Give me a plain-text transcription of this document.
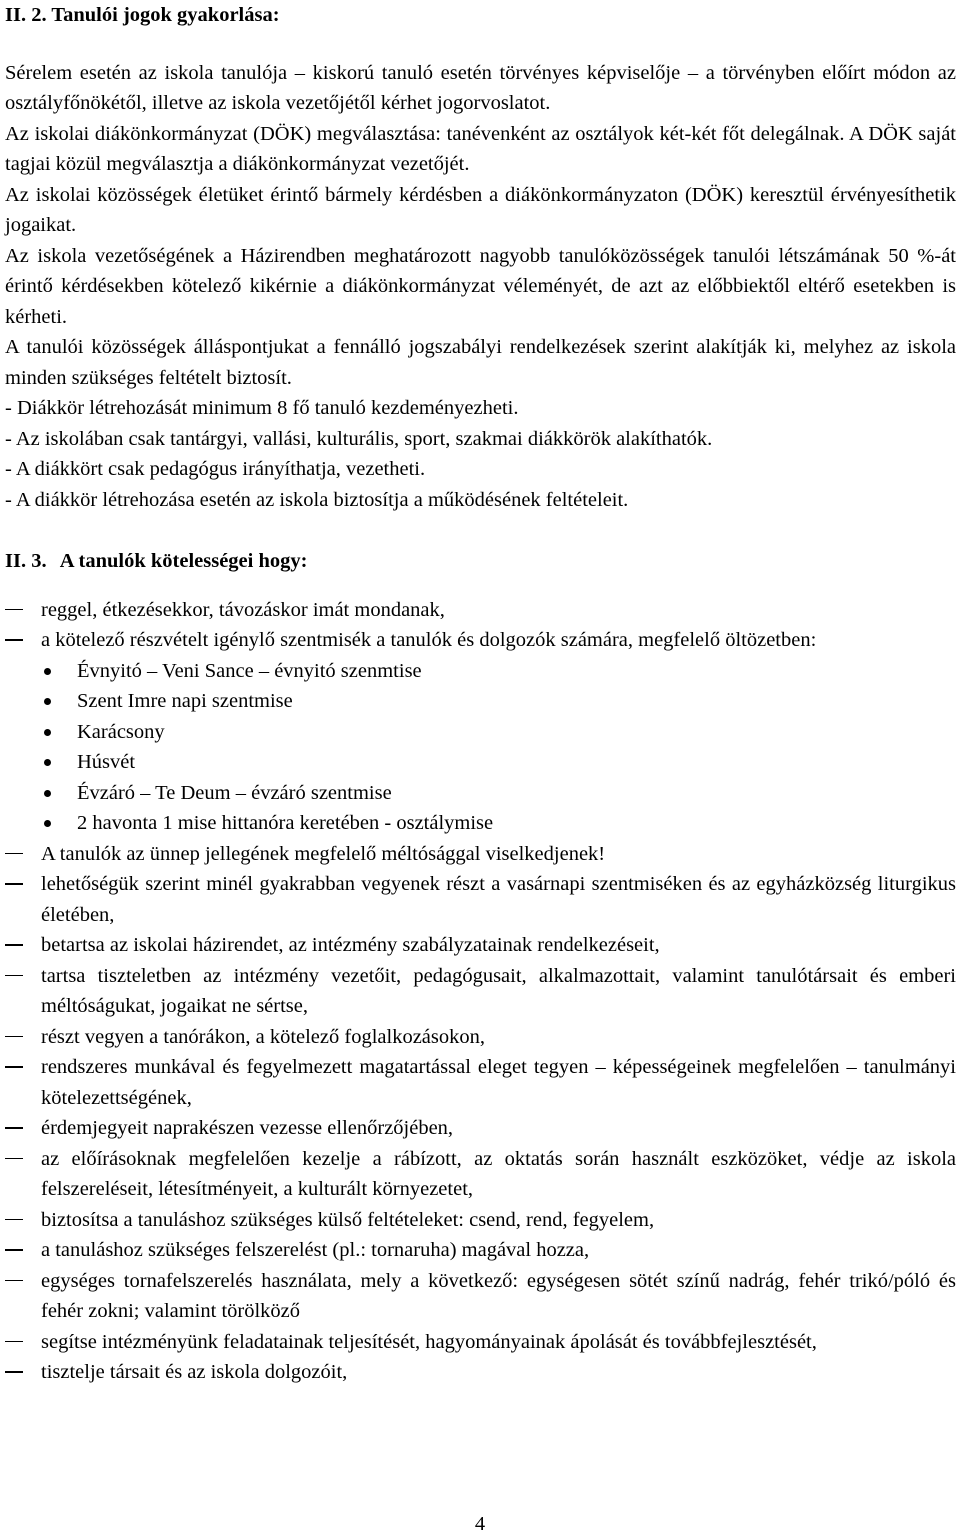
II. 2. Tanulói jogok gyakorlása:

Sérelem esetén az iskola tanulója – kiskorú tanuló esetén törvényes képviselője – a törvényben előírt módon az osztályfőnökétől, illetve az iskola vezetőjétől kérhet jogorvoslatot.

Az iskolai diákönkormányzat (DÖK) megválasztása: tanévenként az osztályok két-két főt delegálnak. A DÖK saját tagjai közül megválasztja a diákönkormányzat vezetőjét.

Az iskolai közösségek életüket érintő bármely kérdésben a diákönkormányzaton (DÖK) keresztül érvényesíthetik jogaikat.

Az iskola vezetőségének a Házirendben meghatározott nagyobb tanulóközösségek tanulói létszámának 50 %-át érintő kérdésekben kötelező kikérnie a diákönkormányzat véleményét, de azt az előbbiektől eltérő esetekben is kérheti.

A tanulói közösségek álláspontjukat a fennálló jogszabályi rendelkezések szerint alakítják ki, melyhez az iskola minden szükséges feltételt biztosít.

- Diákkör létrehozását minimum 8 fő tanuló kezdeményezheti.

- Az iskolában csak tantárgyi, vallási, kulturális, sport, szakmai diákkörök alakíthatók.

- A diákkört csak pedagógus irányíthatja, vezetheti.

- A diákkör létrehozása esetén az iskola biztosítja a működésének feltételeit.

II. 3. A tanulók kötelességei hogy:
reggel, étkezésekkor, távozáskor imát mondanak,
a kötelező részvételt igénylő szentmisék a tanulók és dolgozók számára, megfelelő öltözetben:
Évnyitó – Veni Sance – évnyitó szenmtise
Szent Imre napi szentmise
Karácsony
Húsvét
Évzáró – Te Deum – évzáró szentmise
2 havonta 1 mise hittanóra keretében - osztálymise
A tanulók az ünnep jellegének megfelelő méltósággal viselkedjenek!
lehetőségük szerint minél gyakrabban vegyenek részt a vasárnapi szentmiséken és az egyházközség liturgikus életében,
betartsa az iskolai házirendet, az intézmény szabályzatainak rendelkezéseit,
tartsa tiszteletben az intézmény vezetőit, pedagógusait, alkalmazottait, valamint tanulótársait és emberi méltóságukat, jogaikat ne sértse,
részt vegyen a tanórákon, a kötelező foglalkozásokon,
rendszeres munkával és fegyelmezett magatartással eleget tegyen – képességeinek megfelelően – tanulmányi kötelezettségének,
érdemjegyeit naprakészen vezesse ellenőrzőjében,
az előírásoknak megfelelően kezelje a rábízott, az oktatás során használt eszközöket, védje az iskola felszereléseit, létesítményeit, a kulturált környezetet,
biztosítsa a tanuláshoz szükséges külső feltételeket: csend, rend, fegyelem,
a tanuláshoz szükséges felszerelést (pl.: tornaruha) magával hozza,
egységes tornafelszerelés használata, mely a következő: egységesen sötét színű nadrág, fehér trikó/póló és fehér zokni; valamint törölköző
segítse intézményünk feladatainak teljesítését, hagyományainak ápolását és továbbfejlesztését,
tisztelje társait és az iskola dolgozóit,
4
